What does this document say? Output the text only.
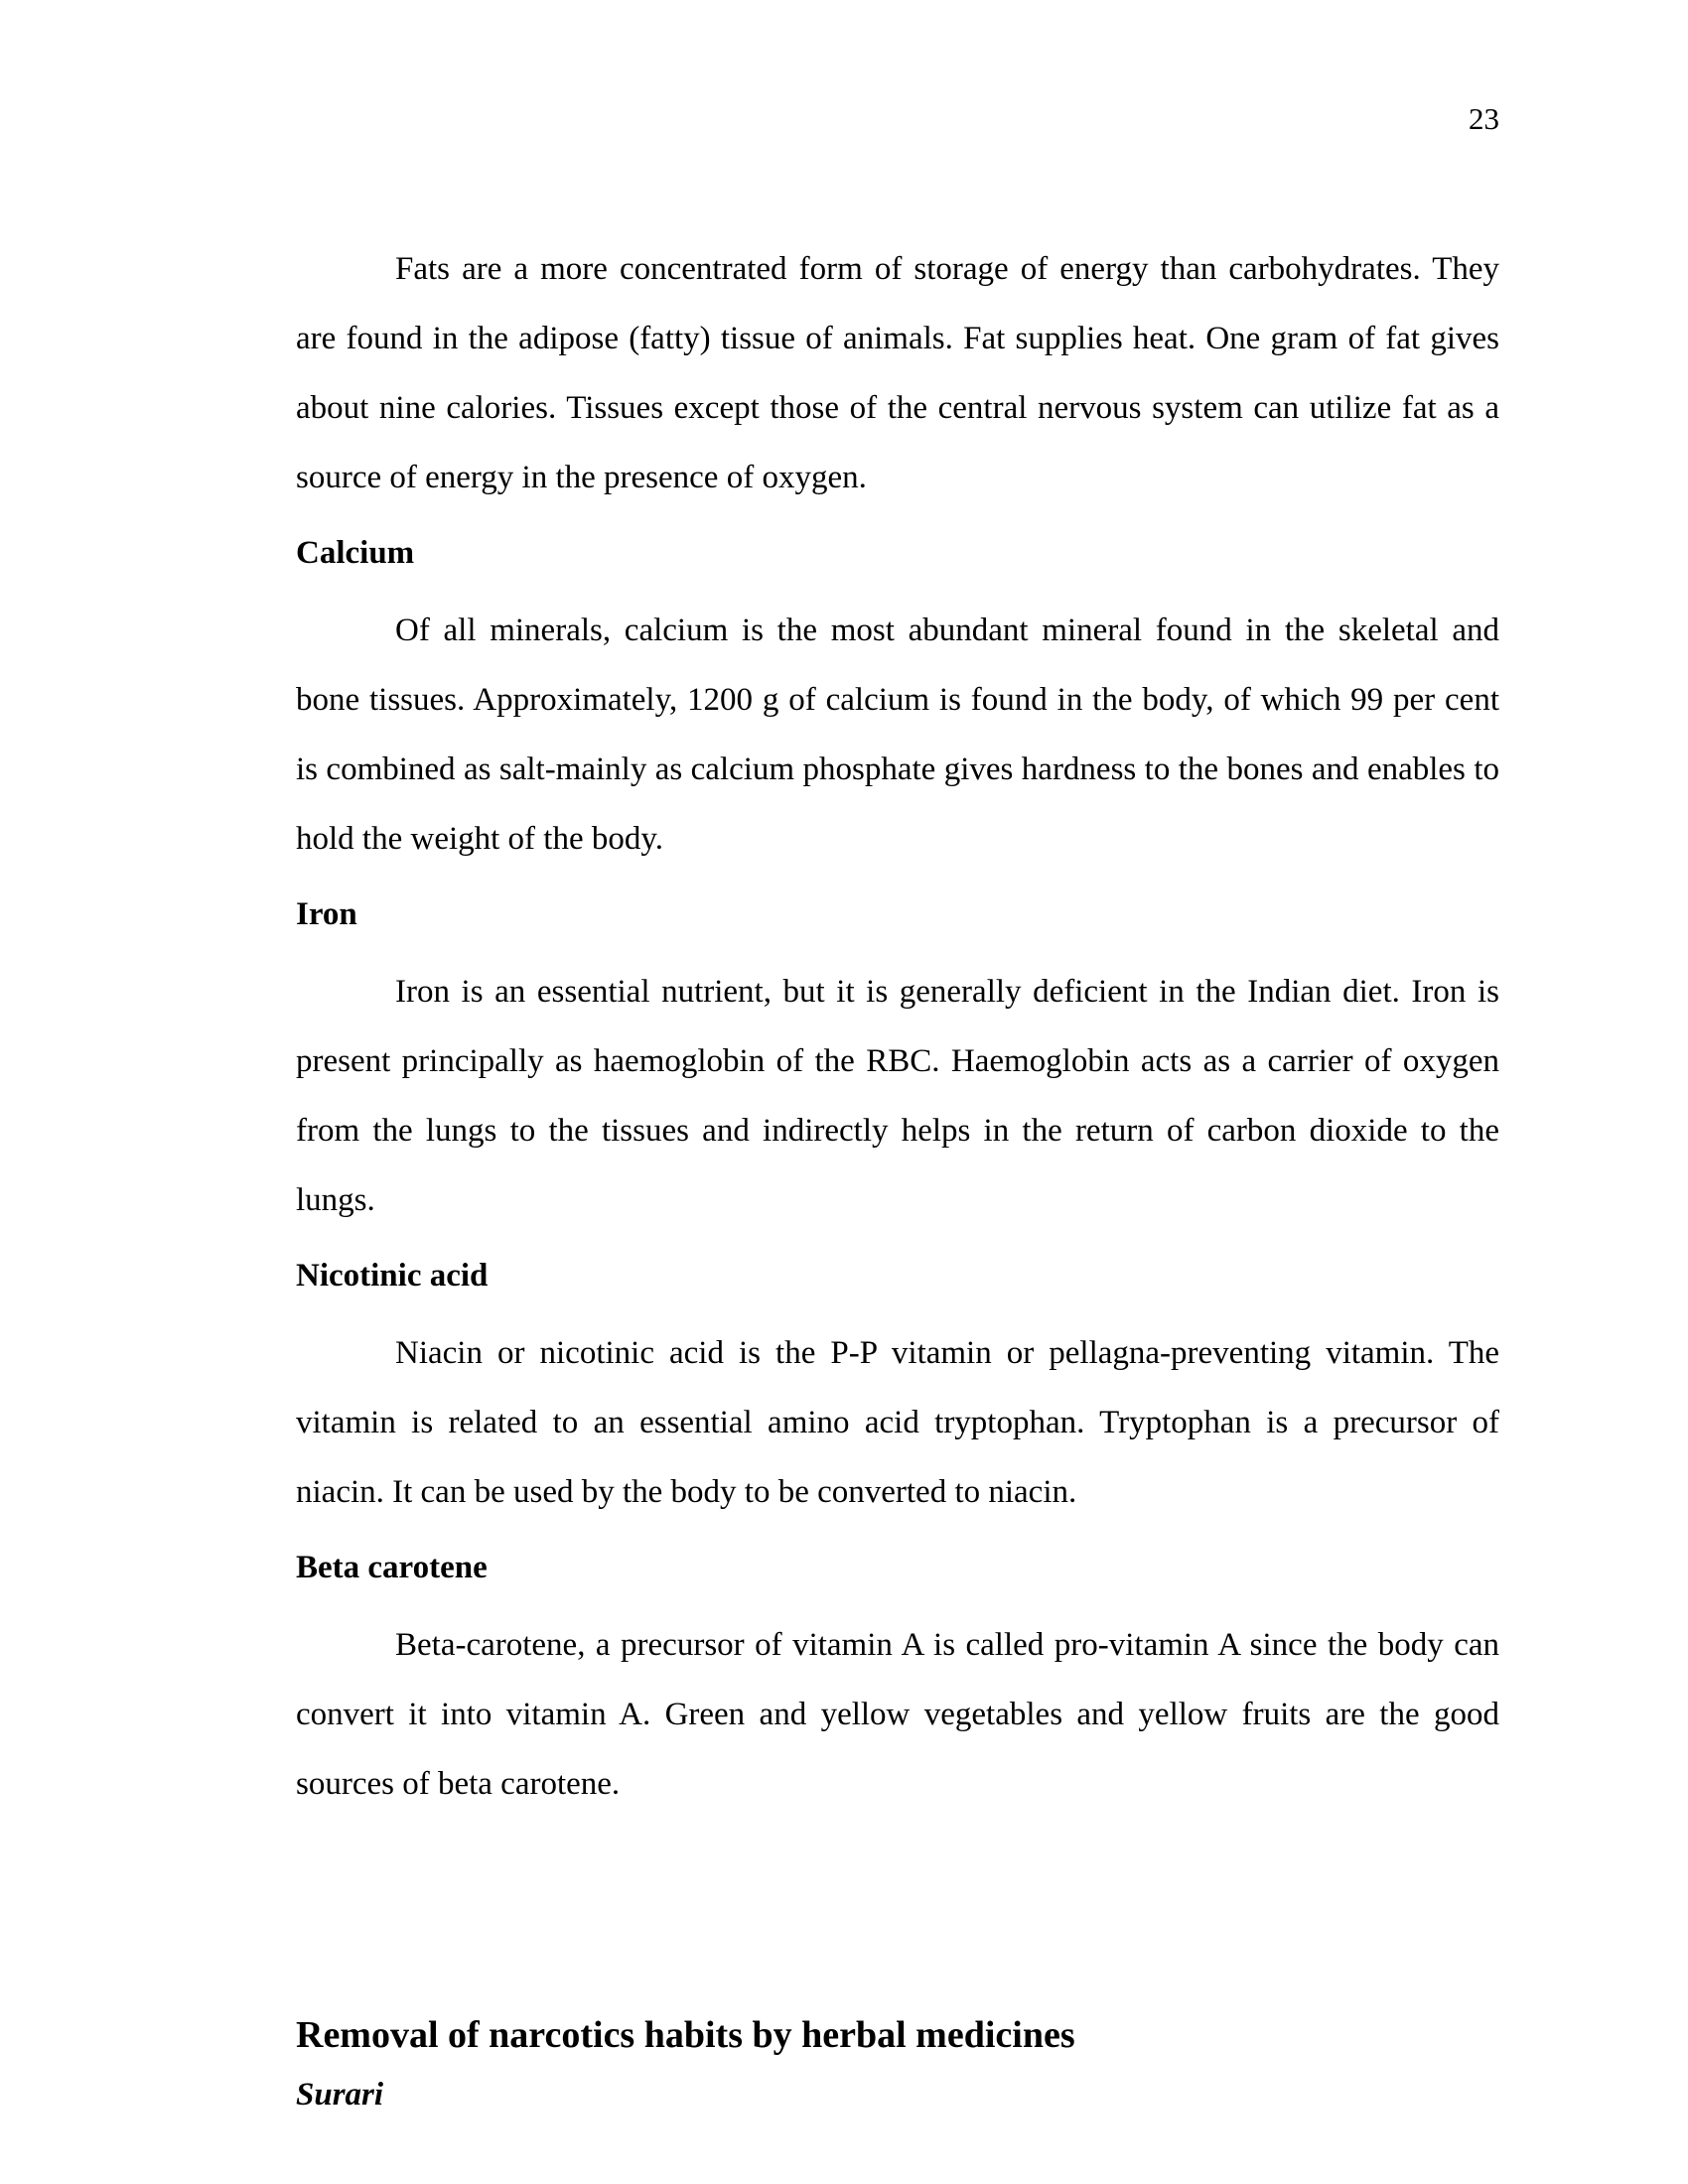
23

Fats are a more concentrated form of storage of energy than carbohydrates. They are found in the adipose (fatty) tissue of animals. Fat supplies heat. One gram of fat gives about nine calories. Tissues except those of the central nervous system can utilize fat as a source of energy in the presence of oxygen.

Calcium

Of all minerals, calcium is the most abundant mineral found in the skeletal and bone tissues. Approximately, 1200 g of calcium is found in the body, of which 99 per cent is combined as salt-mainly as calcium phosphate gives hardness to the bones and enables to hold the weight of the body.

Iron

Iron is an essential nutrient, but it is generally deficient in the Indian diet. Iron is present principally as haemoglobin of the RBC. Haemoglobin acts as a carrier of oxygen from the lungs to the tissues and indirectly helps in the return of carbon dioxide to the lungs.

Nicotinic acid

Niacin or nicotinic acid is the P-P vitamin or pellagna-preventing vitamin. The vitamin is related to an essential amino acid tryptophan. Tryptophan is a precursor of niacin. It can be used by the body to be converted to niacin.

Beta carotene

Beta-carotene, a precursor of vitamin A is called pro-vitamin A since the body can convert it into vitamin A. Green and yellow vegetables and yellow fruits are the good sources of beta carotene.

Removal of narcotics habits by herbal medicines
Surari
